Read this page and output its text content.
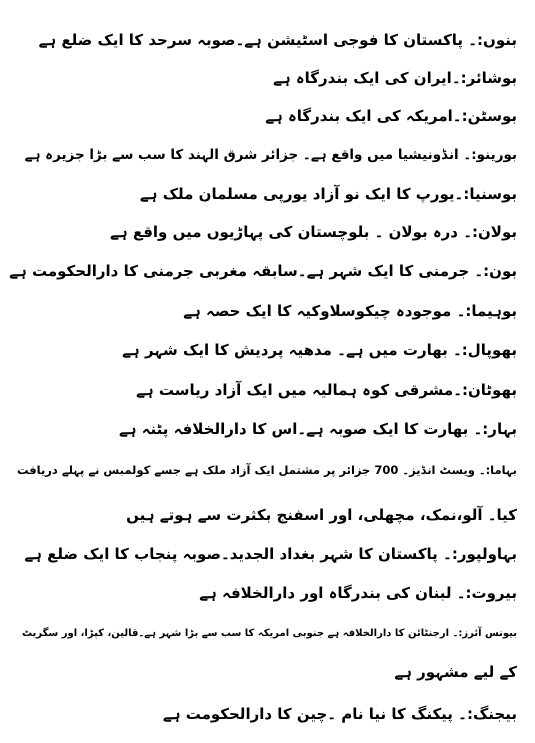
بنوں:۔ پاکستان کا فوجی اسٹیشن ہے۔صوبہ سرحد کا ایک ضلع ہے
بوشائر:۔ایران کی ایک بندرگاہ ہے
بوسٹن:۔امریکہ کی ایک بندرگاہ ہے
بورینو:۔ انڈونیشیا میں واقع ہے۔ جزائر شرق الہند کا سب سے بڑا جزیرہ ہے
بوسنیا:۔یورپ کا ایک نو آزاد یورپی مسلمان ملک ہے
بولان:۔ درہ بولان ۔ بلوچستان کی پہاڑیوں میں واقع ہے
بون:۔ جرمنی کا ایک شہر ہے۔سابقہ مغربی جرمنی کا دارالحکومت ہے
بوہیما:۔ موجودہ چیکوسلاوکیہ کا ایک حصہ ہے
بھوپال:۔ بھارت میں ہے۔ مدھیہ پردیش کا ایک شہر ہے
بھوٹان:۔مشرقی کوہ ہمالیہ میں ایک آزاد ریاست ہے
بہار:۔ بھارت کا ایک صوبہ ہے۔اس کا دارالخلافہ پٹنہ ہے
بہاما:۔ ویسٹ انڈیز۔ 700 جزائر پر مشتمل ایک آزاد ملک ہے جسے کولمبس نے پہلے دریافت
کیا۔ آلو،نمک، مچھلی، اور اسفنج بکثرت سے ہوتے ہیں
بہاولپور:۔ پاکستان کا شہر بغداد الجدید۔صوبہ پنجاب کا ایک ضلع ہے
بیروت:۔ لبنان کی بندرگاہ اور دارالخلافہ ہے
بیونس آئرز:۔ ارجنٹائن کا دارالخلافہ ہے جنوبی امریکہ کا سب سے بڑا شہر ہے۔قالین، کپڑا، اور سگریٹ
کے لیے مشہور ہے
بیجنگ:۔ پیکنگ کا نیا نام ۔چین کا دارالحکومت ہے
